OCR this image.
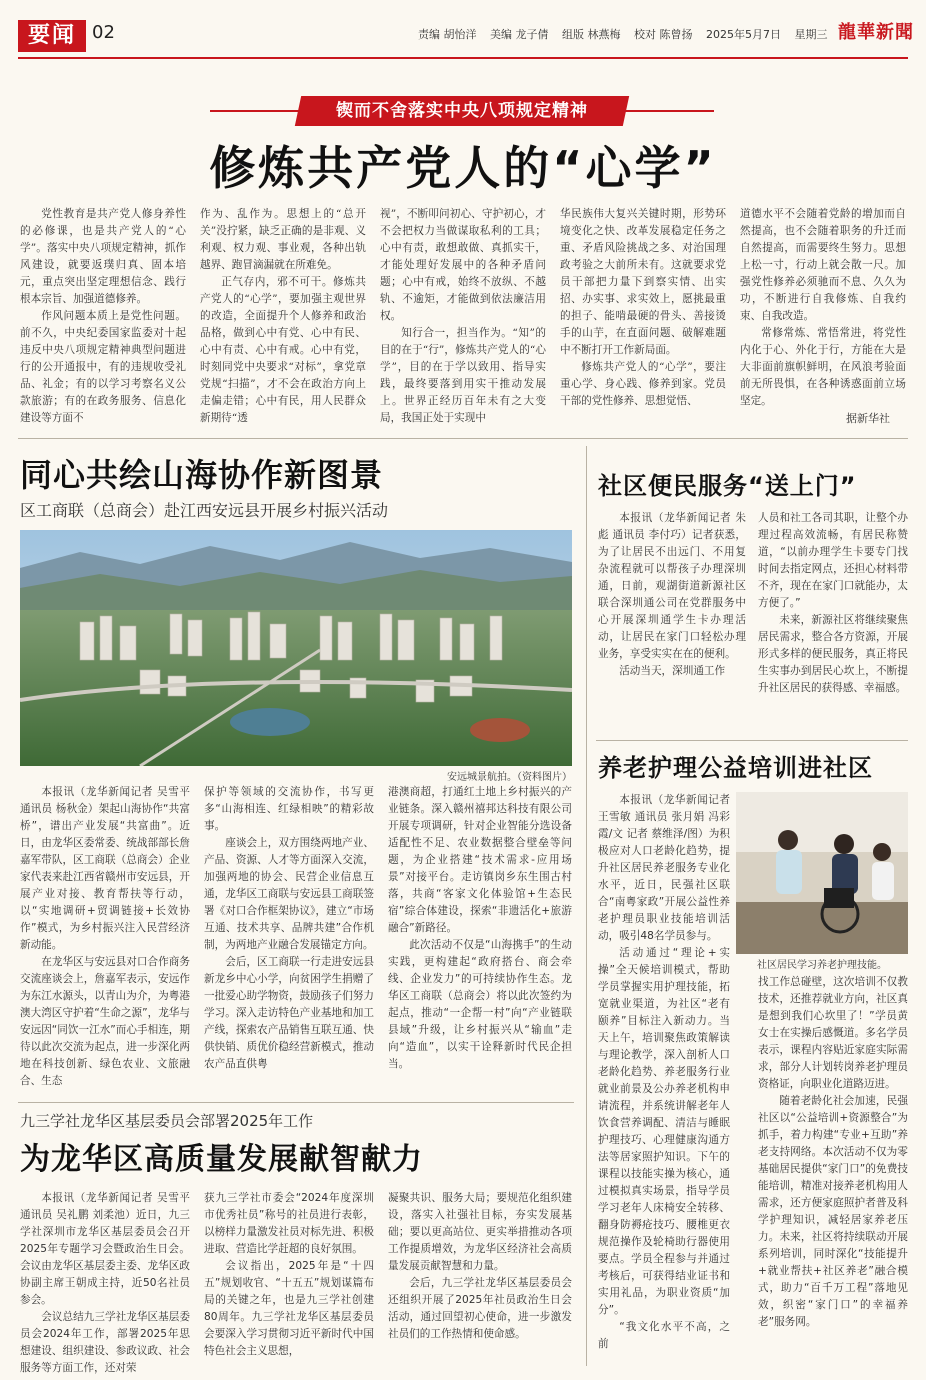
要闻 02	责编 胡怡洋 美编 龙子倩 组版 林燕梅 校对 陈曾扬 2025年5月7日 星期三 龍華新聞
锲而不舍落实中央八项规定精神
修炼共产党人的“心学”

党性教育是共产党人修身养性的必修课，也是共产党人的“心学”。落实中央八项规定精神，抓作风建设，就要返璞归真、固本培元，重点突出坚定理想信念、践行根本宗旨、加强道德修养。

作风问题本质上是党性问题。前不久，中央纪委国家监委对十起违反中央八项规定精神典型问题进行的公开通报中，有的违规收受礼品、礼金；有的以学习考察名义公款旅游；有的在政务服务、信息化建设等方面不

作为、乱作为。思想上的“总开关”没拧紧，缺乏正确的是非观、义利观、权力观、事业观，各种出轨越界、跑冒滴漏就在所难免。

正气存内，邪不可干。修炼共产党人的“心学”，要加强主观世界的改造，全面提升个人修养和政治品格，做到心中有党、心中有民、心中有责、心中有戒。心中有党，时刻同党中央要求“对标”，拿党章党规“扫描”，才不会在政治方向上走偏走错；心中有民，用人民群众新期待“透

视”，不断叩问初心、守护初心，才不会把权力当做谋取私利的工具；心中有责，敢想敢做、真抓实干，才能处理好发展中的各种矛盾问题；心中有戒，始终不放纵、不越轨、不逾矩，才能做到依法廉洁用权。

知行合一，担当作为。“知”的目的在于“行”，修炼共产党人的“心学”，目的在于学以致用、指导实践，最终要落到用实干推动发展上。世界正经历百年未有之大变局，我国正处于实现中

华民族伟大复兴关键时期，形势环境变化之快、改革发展稳定任务之重、矛盾风险挑战之多、对治国理政考验之大前所未有。这就要求党员干部把力量下到察实情、出实招、办实事、求实效上，愿挑最重的担子、能啃最硬的骨头、善接烫手的山芋，在直面问题、破解难题中不断打开工作新局面。

修炼共产党人的“心学”，要注重心学、身心践、修养到家。党员干部的党性修养、思想觉悟、

道德水平不会随着党龄的增加而自然提高，也不会随着职务的升迁而自然提高，而需要终生努力。思想上松一寸，行动上就会散一尺。加强党性修养必须驰而不息、久久为功，不断进行自我修炼、自我约束、自我改造。

常修常炼、常悟常进，将党性内化于心、外化于行，方能在大是大非面前旗帜鲜明，在风浪考验面前无所畏惧，在各种诱惑面前立场坚定。

据新华社
同心共绘山海协作新图景
区工商联（总商会）赴江西安远县开展乡村振兴活动
安远城景航拍。（资料图片）

本报讯（龙华新闻记者 吴雪平 通讯员 杨秋金）架起山海协作“共富桥”，谱出产业发展“共富曲”。近日，由龙华区委常委、统战部部长詹嘉军带队，区工商联（总商会）企业家代表来赴江西省赣州市安远县，开展产业对接、教育帮扶等行动，以“实地调研+贸调链接+长效协作”模式，为乡村振兴注入民营经济新动能。

在龙华区与安远县对口合作商务交流座谈会上，詹嘉军表示，安远作为东江水源头，以青山为介，为粤港澳大湾区守护着“生命之源”，龙华与安远因“同饮一江水”而心手相连，期待以此次交流为起点，进一步深化两地在科技创新、绿色农业、文旅融合、生态

保护等领域的交流协作，书写更多“山海相连、红绿相映”的精彩故事。

座谈会上，双方围绕两地产业、产品、资源、人才等方面深入交流，加强两地的协会、民营企业信息互通，龙华区工商联与安远县工商联签署《对口合作框架协议》，建立“市场互通、技术共享、品牌共建”合作机制，为两地产业融合发展锚定方向。

会后，区工商联一行走进安远县新龙乡中心小学，向贫困学生捐赠了一批爱心助学物资，鼓励孩子们努力学习。深入走访特色产业基地和加工产线，探索农产品销售互联互通、快供快销、质优价稳经营新模式，推动农产品直供粤

港澳商超，打通红土地上乡村振兴的产业链条。深入赣州禧邦达科技有限公司开展专项调研，针对企业智能分选设备适配性不足、农业数据整合壁垒等问题，为企业搭建“技术需求-应用场景”对接平台。走访镇岗乡东生围古村落，共商“客家文化体验馆+生态民宿”综合体建设，探索“非遗活化+旅游融合”新路径。

此次活动不仅是“山海携手”的生动实践，更构建起“政府搭台、商会牵线、企业发力”的可持续协作生态。龙华区工商联（总商会）将以此次签约为起点，推动“一企帮一村”向“产业链联县域”升级，让乡村振兴从“输血”走向“造血”，以实干诠释新时代民企担当。

九三学社龙华区基层委员会部署2025年工作
为龙华区高质量发展献智献力

本报讯（龙华新闻记者 吴雪平 通讯员 吴礼鹏 刘柔池）近日，九三学社深圳市龙华区基层委员会召开2025年专题学习会暨政治生日会。会议由龙华区基层委主委、龙华区政协副主席王朝成主持，近50名社员参会。

会议总结九三学社龙华区基层委员会2024年工作，部署2025年思想建设、组织建设、参政议政、社会服务等方面工作，还对荣

获九三学社市委会“2024年度深圳市优秀社员”称号的社员进行表彰，以榜样力量激发社员对标先进、积极进取、营造比学赶超的良好氛围。

会议指出，2025年是“十四五”规划收官、“十五五”规划谋篇布局的关键之年，也是九三学社创建80周年。九三学社龙华区基层委员会要深入学习贯彻习近平新时代中国特色社会主义思想，

凝聚共识、服务大局；要规范化组织建设，落实入社强社目标，夯实发展基础；要以更高站位、更实举措推动各项工作提质增效，为龙华区经济社会高质量发展贡献智慧和力量。

会后，九三学社龙华区基层委员会还组织开展了2025年社员政治生日会活动，通过回望初心使命，进一步激发社员们的工作热情和使命感。

社区便民服务“送上门”

本报讯（龙华新闻记者 朱彪 通讯员 李付巧）记者获悉，为了让居民不出远门、不用复杂流程就可以帮孩子办理深圳通，日前，观湖街道新源社区联合深圳通公司在党群服务中心开展深圳通学生卡办理活动，让居民在家门口轻松办理业务，享受实实在在的便利。

活动当天，深圳通工作

人员和社工各司其职，让整个办理过程高效流畅，有居民称赞道，“以前办理学生卡要专门找时间去指定网点，还担心材料带不齐，现在在家门口就能办，太方便了。”

未来，新源社区将继续聚焦居民需求，整合各方资源，开展形式多样的便民服务，真正将民生实事办到居民心坎上，不断提升社区居民的获得感、幸福感。

养老护理公益培训进社区
社区居民学习养老护理技能。

本报讯（龙华新闻记者 王雪敏 通讯员 张月娟 冯彩霞/文 记者 蔡维泽/图）为积极应对人口老龄化趋势，提升社区居民养老服务专业化水平，近日，民强社区联合“南粤家政”开展公益性养老护理员职业技能培训活动，吸引48名学员参与。

活动通过“理论+实操”全天候培训模式，帮助学员掌握实用护理技能，拓宽就业渠道，为社区“老有颐养”目标注入新动力。当天上午，培训聚焦政策解读与理论教学，深入剖析人口老龄化趋势、养老服务行业就业前景及公办养老机构申请流程，并系统讲解老年人饮食营养调配、清洁与睡眠护理技巧、心理健康沟通方法等居家照护知识。下午的课程以技能实操为核心，通过模拟真实场景，指导学员学习老年人床椅安全转移、翻身防褥疮技巧、腰椎更衣规范操作及轮椅助行器使用要点。学员全程参与并通过考核后，可获得结业证书和实用礼品，为职业资质“加分”。

“我文化水平不高，之前

找工作总碰壁，这次培训不仅教技术，还推荐就业方向，社区真是想到我们心坎里了！”学员黄女士在实操后感慨道。多名学员表示，课程内容贴近家庭实际需求，部分人计划转岗养老护理员资格证，向职业化道路迈进。

随着老龄化社会加速，民强社区以“公益培训+资源整合”为抓手，着力构建“专业+互助”养老支持网络。本次活动不仅为零基础居民提供“家门口”的免费技能培训，精准对接养老机构用人需求，还方便家庭照护者普及科学护理知识，减轻居家养老压力。未来，社区将持续联动开展系列培训，同时深化“技能提升+就业帮扶+社区养老”融合模式，助力“百千万工程”落地见效，织密“家门口”的幸福养老”服务网。
